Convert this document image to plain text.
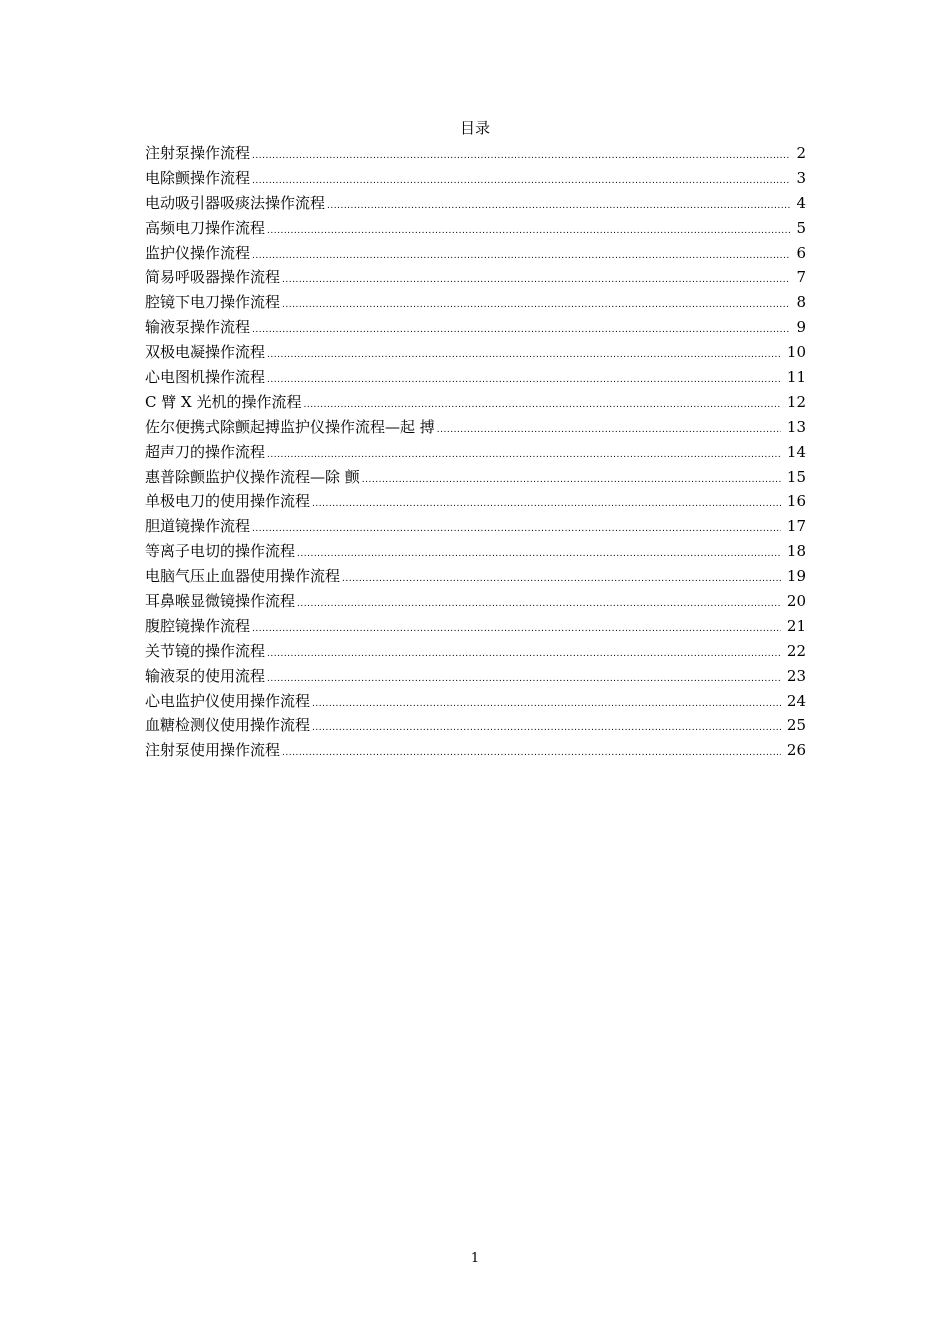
目录
注射泵操作流程 .....	2
电除颤操作流程 .....	3
电动吸引器吸痰法操作流程 .....	4
高频电刀操作流程 .....	5
监护仪操作流程 .....	6
简易呼吸器操作流程 .....	7
腔镜下电刀操作流程 .....	8
输液泵操作流程 .....	9
双极电凝操作流程 .....	10
心电图机操作流程 .....	11
C 臂 X 光机的操作流程 .....	12
佐尔便携式除颤起搏监护仪操作流程—起 搏 .....	13
超声刀的操作流程 .....	14
惠普除颤监护仪操作流程—除 颤 .....	15
单极电刀的使用操作流程 .....	16
胆道镜操作流程 .....	17
等离子电切的操作流程 .....	18
电脑气压止血器使用操作流程 .....	19
耳鼻喉显微镜操作流程 .....	20
腹腔镜操作流程 .....	21
关节镜的操作流程 .....	22
输液泵的使用流程 .....	23
心电监护仪使用操作流程 .....	24
血糖检测仪使用操作流程 .....	25
注射泵使用操作流程 .....	26
1
